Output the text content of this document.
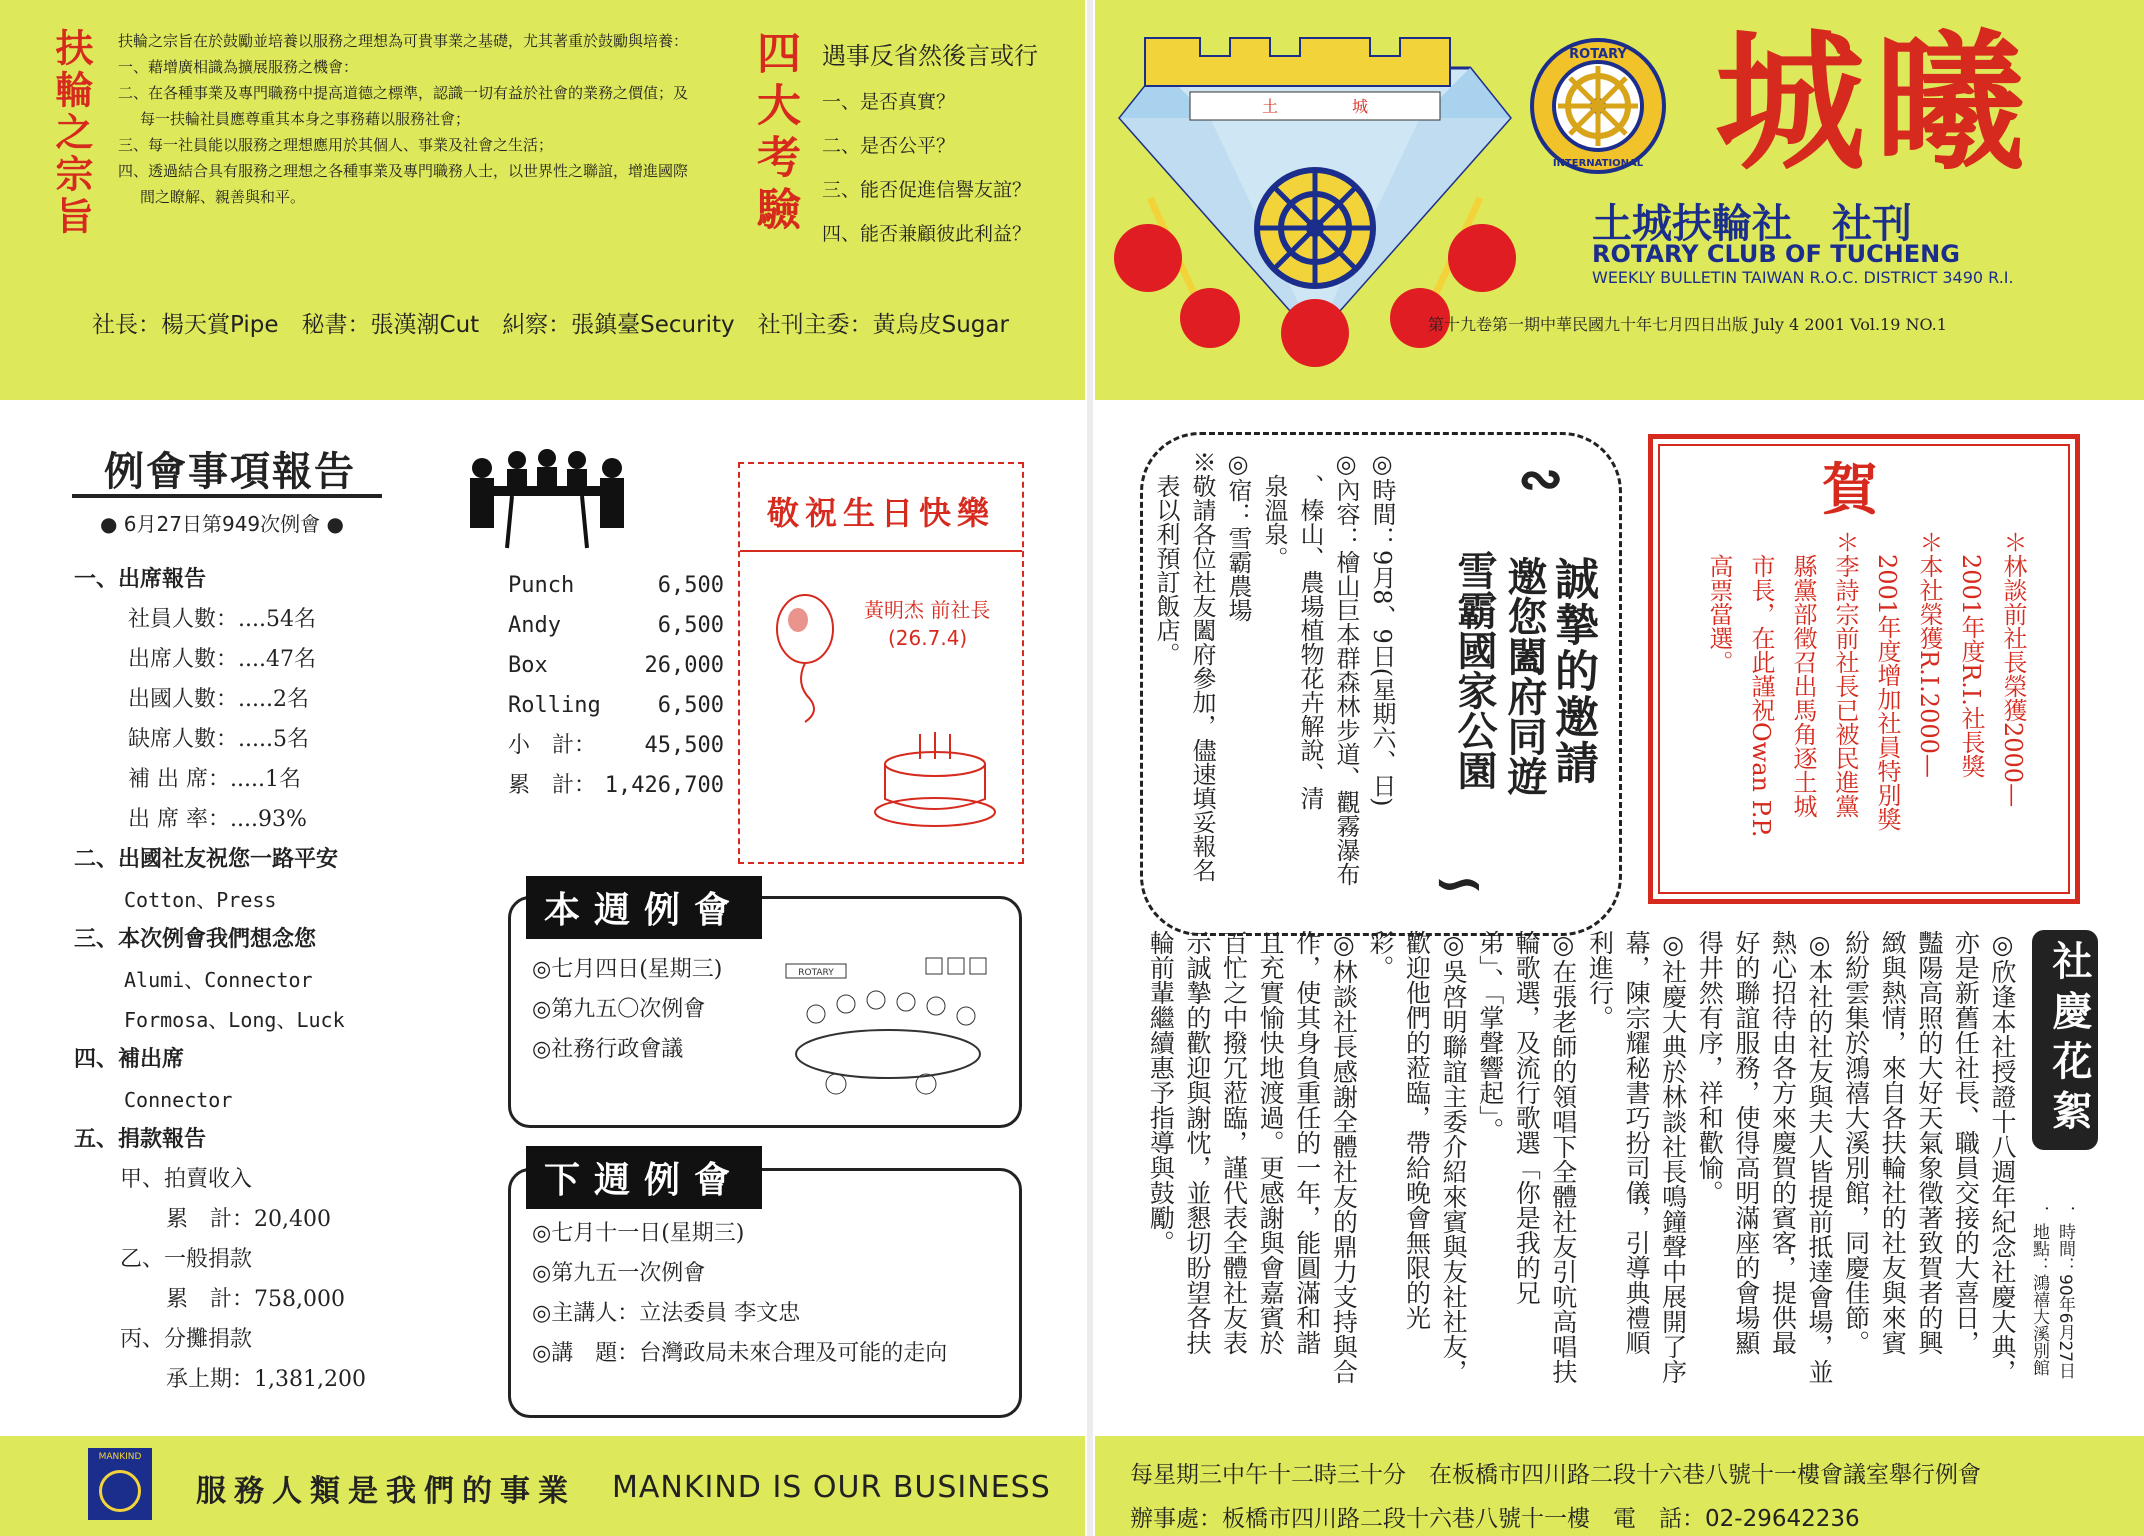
扶輪之宗旨	扶輪之宗旨在於鼓勵並培養以服務之理想為可貴事業之基礎，尤其著重於鼓勵與培養：
一、藉增廣相識為擴展服務之機會：
二、在各種事業及專門職務中提高道德之標準，認識一切有益於社會的業務之價值；及每一扶輪社員應尊重其本身之事務藉以服務社會；
三、每一社員能以服務之理想應用於其個人、事業及社會之生活；
四、透過結合具有服務之理想之各種事業及專門職務人士，以世界性之聯誼，增進國際間之瞭解、親善與和平。	四大考驗 遇事反省然後言或行
一、是否真實？
二、是否公平？
三、能否促進信譽友誼？
四、能否兼顧彼此利益？
社長：楊天賞Pipe　秘書：張漢潮Cut　糾察：張鎮臺Security　社刊主委：黃烏皮Sugar
土	城
ROTARY
INTERNATIONAL 城曦
土城扶輪社　社刊
ROTARY CLUB OF TUCHENG
WEEKLY BULLETIN TAIWAN R.O.C. DISTRICT 3490 R.I.
第十九卷第一期中華民國九十年七月四日出版 July 4 2001 Vol.19 NO.1
例會事項報告
● 6月27日第949次例會 ●
一、出席報告
社員人數：....54名
出席人數：....47名
出國人數：.....2名
缺席人數：.....5名
補 出 席：.....1名
出 席 率：....93%
二、出國社友祝您一路平安
Cotton、Press
三、本次例會我們想念您
Alumi、Connector
Formosa、Long、Luck
四、補出席
Connector
五、捐款報告
甲、拍賣收入
　累　計：20,400
乙、一般捐款
　累　計：758,000
丙、分攤捐款
　承上期：1,381,200
Punch	6,500
Andy	6,500
Box	26,000
Rolling	6,500
小　計： 45,500
累　計： 1,426,700
敬祝生日快樂
黃明杰 前社長
(26.7.4)
本週例會
◎七月四日(星期三)
◎第九五〇次例會
◎社務行政會議
ROTARY
下週例會
◎七月十一日(星期三)
◎第九五一次例會
◎主講人：立法委員 李文忠
◎講　題：台灣政局未來合理及可能的走向
MANKIND
服務人類是我們的事業 MANKIND IS OUR BUSINESS
∾
∽
誠摯的邀請
邀您闔府同遊
雪霸國家公園
◎時間：9月8、9日(星期六、日)
◎內容：檜山巨本群森林步道、觀霧瀑布
　、榛山、農場植物花卉解說、清
　泉溫泉。
◎宿：雪霸農場
※敬請各位社友闔府參加，儘速填妥報名
　表以利預訂飯店。	賀
＊林談前社長榮獲2000—
　2001年度R.I.社長獎
＊本社榮獲R.I.2000—
　2001年度增加社員特別獎
＊李詩宗前社長已被民進黨
　縣黨部徵召出馬角逐土城
　市長，在此謹祝Owan P.P.
　高票當選。
社慶花絮
．時間：90年6月27日
．地點：鴻禧大溪別館
◎欣逢本社授證十八週年紀念社慶大典，
亦是新舊任社長、職員交接的大喜日，
豔陽高照的大好天氣象徵著致賀者的興
緻與熱情，來自各扶輪社的社友與來賓
紛紛雲集於鴻禧大溪別館，同慶佳節。
◎本社的社友與夫人皆提前抵達會場，並
熱心招待由各方來慶賀的賓客，提供最
好的聯誼服務，使得高明滿座的會場顯
得井然有序，祥和歡愉。
◎社慶大典於林談社長鳴鐘聲中展開了序
幕，陳宗耀秘書巧扮司儀，引導典禮順
利進行。
◎在張老師的領唱下全體社友引吭高唱扶
輪歌選，及流行歌選「你是我的兄
弟」、「掌聲響起」。
◎吳啓明聯誼主委介紹來賓與友社社友，
歡迎他們的蒞臨，帶給晚會無限的光
彩。
◎林談社長感謝全體社友的鼎力支持與合
作，使其身負重任的一年，能圓滿和諧
且充實愉快地渡過。更感謝與會嘉賓於
百忙之中撥冗蒞臨，謹代表全體社友表
示誠摯的歡迎與謝忱，並懇切盼望各扶
輪前輩繼續惠予指導與鼓勵。
每星期三中午十二時三十分　在板橋市四川路二段十六巷八號十一樓會議室舉行例會
辦事處：板橋市四川路二段十六巷八號十一樓　電　話：02-29642236
